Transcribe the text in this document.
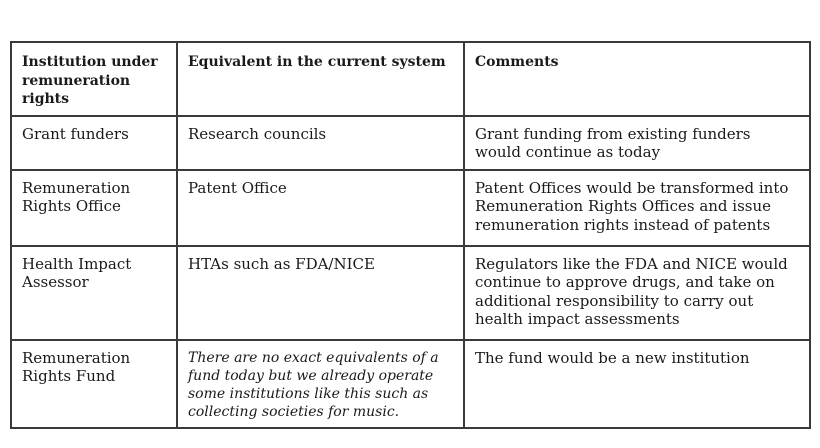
Institution under remuneration rights	Equivalent in the current system	Comments
Grant funders	Research councils	Grant funding from existing funders would continue as today
Remuneration Rights Office	Patent Office	Patent Offices would be transformed into Remuneration Rights Offices and issue remuneration rights instead of patents
Health Impact Assessor	HTAs such as FDA/NICE	Regulators like the FDA and NICE would continue to approve drugs, and take on additional responsibility to carry out health impact assessments
Remuneration Rights Fund	There are no exact equivalents of a fund today but we already operate some institutions like this such as collecting societies for music.	The fund would be a new institution
